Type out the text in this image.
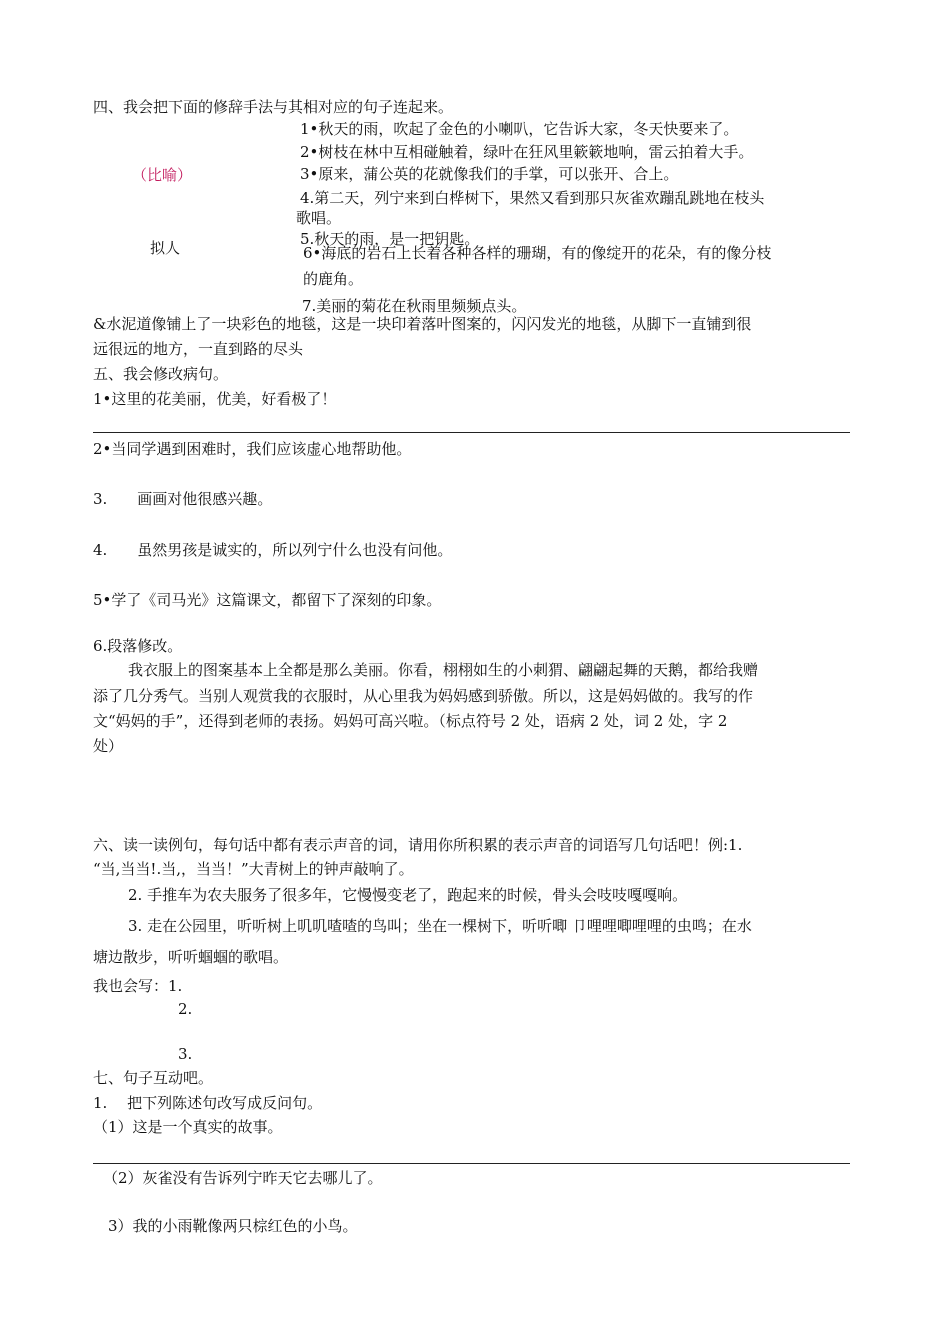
四、我会把下面的修辞手法与其相对应的句子连起来。
1•秋天的雨，吹起了金色的小喇叭，它告诉大家，冬天快要来了。
2•树枝在林中互相碰触着，绿叶在狂风里簌簌地响，雷云拍着大手。
（比喻）	3•原来，蒲公英的花就像我们的手掌，可以张开、合上。
4.第二天，列宁来到白桦树下，果然又看到那只灰雀欢蹦乱跳地在枝头
歌唱。
5.秋天的雨，是一把钥匙。
拟人	6•海底的岩石上长着各种各样的珊瑚，有的像绽开的花朵，有的像分枝
的鹿角。
7.美丽的菊花在秋雨里频频点头。
&水泥道像铺上了一块彩色的地毯，这是一块印着落叶图案的，闪闪发光的地毯，从脚下一直铺到很
远很远的地方，一直到路的尽头
五、我会修改病句。
1•这里的花美丽，优美，好看极了！
2•当同学遇到困难时，我们应该虚心地帮助他。
3.　　画画对他很感兴趣。
4.　　虽然男孩是诚实的，所以列宁什么也没有问他。
5•学了《司马光》这篇课文，都留下了深刻的印象。
6.段落修改。
我衣服上的图案基本上全都是那么美丽。你看，栩栩如生的小刺猬、翩翩起舞的天鹅，都给我赠
添了几分秀气。当别人观赏我的衣服时，从心里我为妈妈感到骄傲。所以，这是妈妈做的。我写的作
文“妈妈的手”，还得到老师的表扬。妈妈可高兴啦。（标点符号 2 处，语病 2 处，词 2 处，字 2
处）
六、读一读例句，每句话中都有表示声音的词，请用你所积累的表示声音的词语写几句话吧！例:1.
“当,当当!.当,，当当！”大青树上的钟声敲响了。
2. 手推车为农夫服务了很多年，它慢慢变老了，跑起来的时候，骨头会吱吱嘎嘎响。
3. 走在公园里，听听树上叽叽喳喳的鸟叫；坐在一棵树下，听听唧 卩哩哩唧哩哩的虫鸣；在水
塘边散步，听听蝈蝈的歌唱。
我也会写：1.
2.
3.
七、句子互动吧。
1.　 把下列陈述句改写成反问句。
（1）这是一个真实的故事。
（2）灰雀没有告诉列宁昨天它去哪儿了。
3）我的小雨靴像两只棕红色的小鸟。
